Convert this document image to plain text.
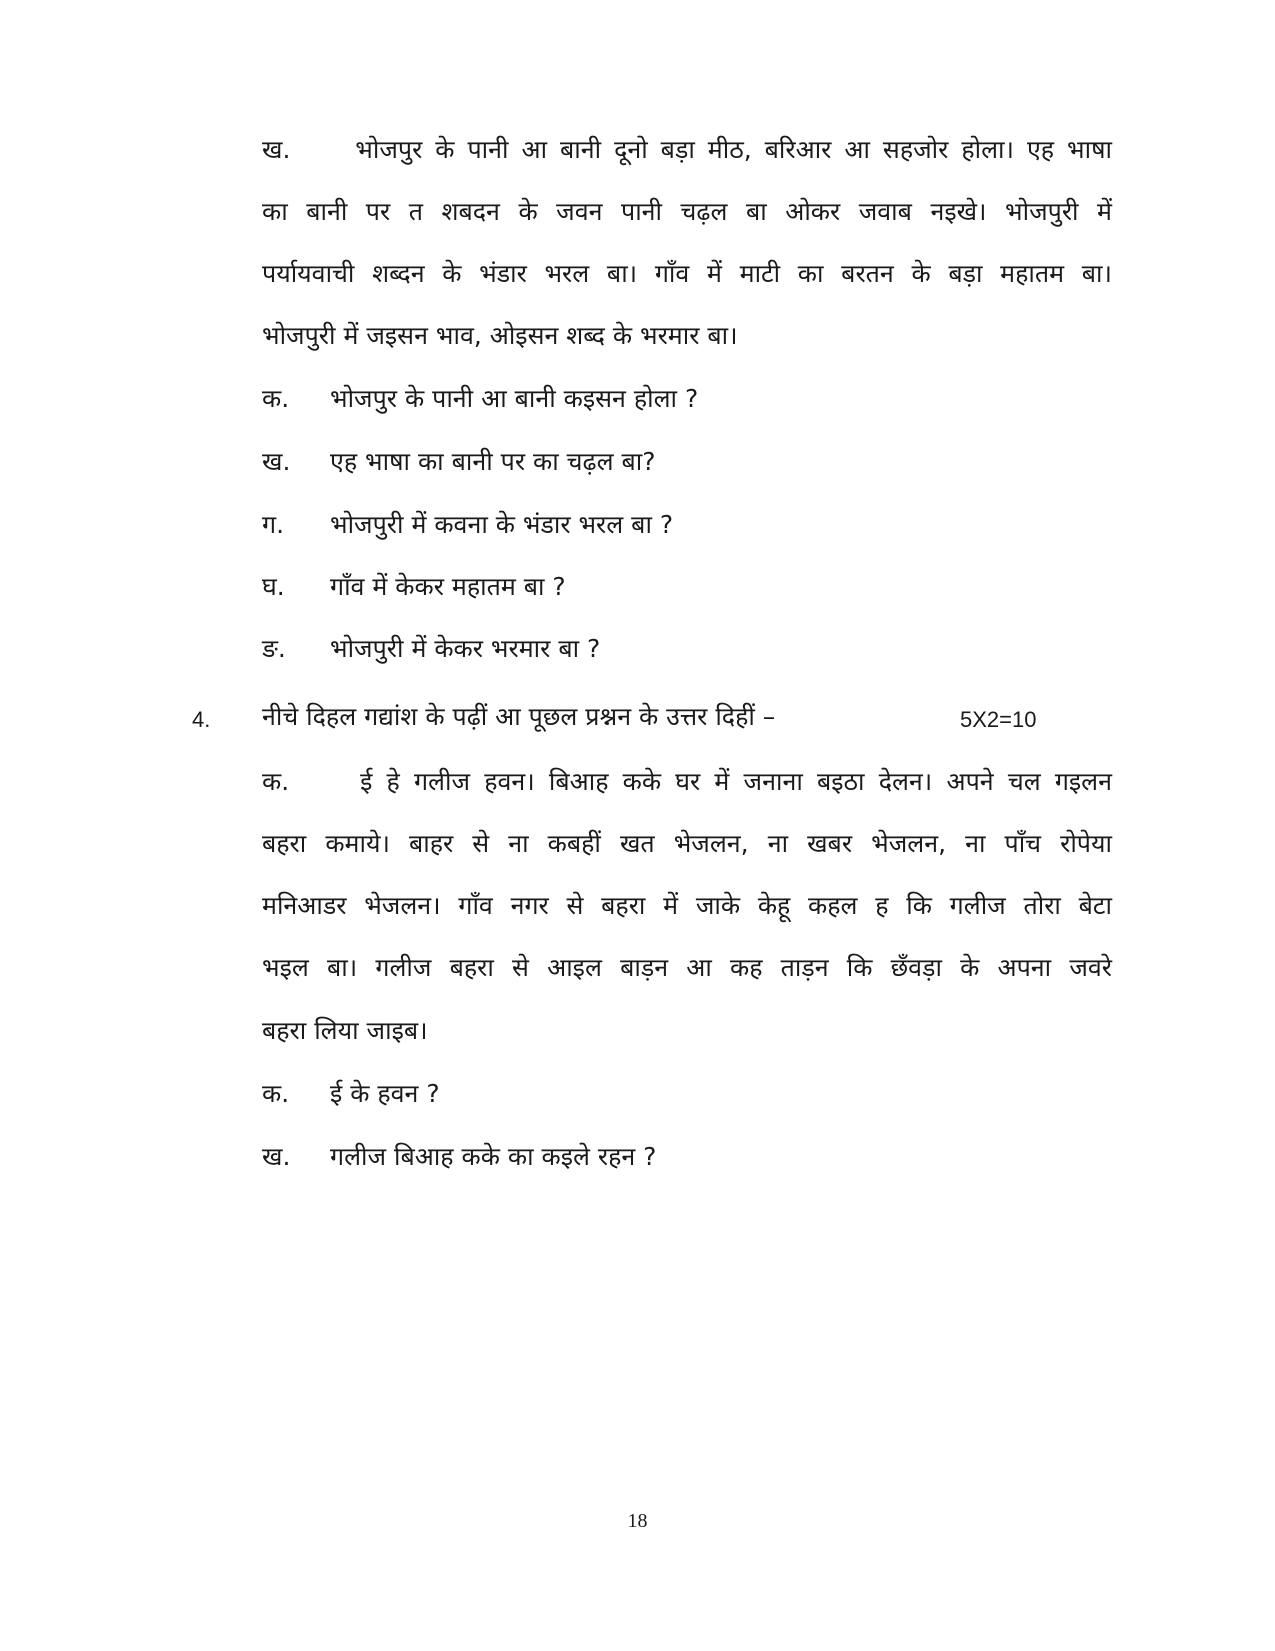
ख.	भोजपुर के पानी आ बानी दूनो बड़ा मीठ, बरिआर आ सहजोर होला। एह भाषा
का बानी पर त शबदन के जवन पानी चढ़ल बा ओकर जवाब नइखे। भोजपुरी में
पर्यायवाची शब्दन के भंडार भरल बा। गाँव में माटी का बरतन के बड़ा महातम बा।
भोजपुरी में जइसन भाव, ओइसन शब्द के भरमार बा।
क. भोजपुर के पानी आ बानी कइसन होला ?
ख. एह भाषा का बानी पर का चढ़ल बा?
ग. भोजपुरी में कवना के भंडार भरल बा ?
घ. गाँव में केकर महातम बा ?
ङ. भोजपुरी में केकर भरमार बा ?
4. नीचे दिहल गद्यांश के पढ़ीं आ पूछल प्रश्नन के उत्तर दिहीं –	5X2=10
क.	ई हे गलीज हवन। बिआह कके घर में जनाना बइठा देलन। अपने चल गइलन
बहरा कमाये। बाहर से ना कबहीं खत भेजलन, ना खबर भेजलन, ना पाँच रोपेया
मनिआडर भेजलन। गाँव नगर से बहरा में जाके केहू कहल ह कि गलीज तोरा बेटा
भइल बा। गलीज बहरा से आइल बाड़न आ कह ताड़न कि छँवड़ा के अपना जवरे
बहरा लिया जाइब।
क. ई के हवन ?
ख. गलीज बिआह कके का कइले रहन ?
18
